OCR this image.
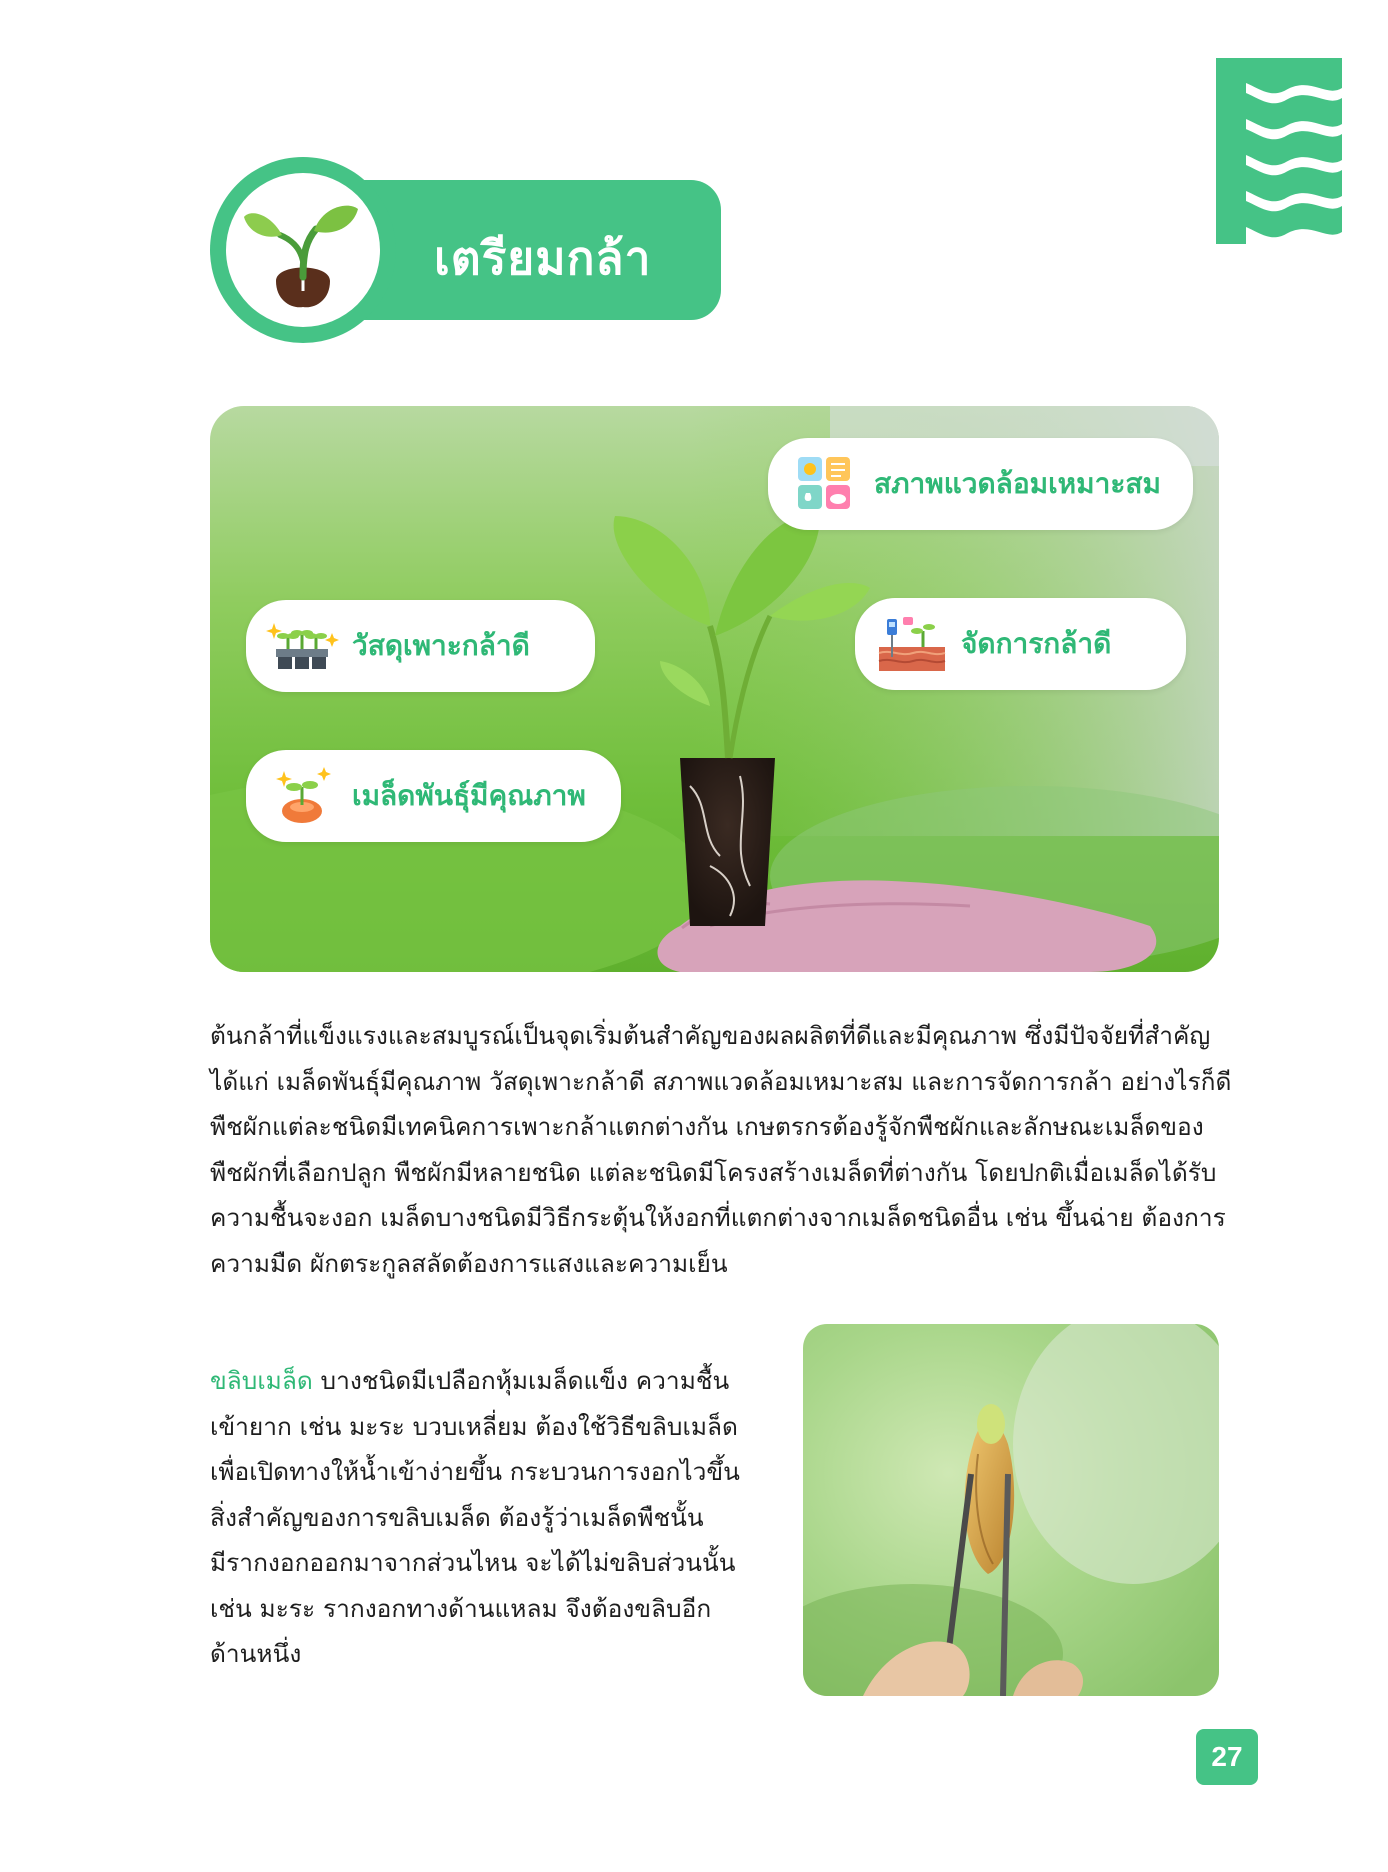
เตรียมกล้า
สภาพแวดล้อมเหมาะสม
วัสดุเพาะกล้าดี	จัดการกล้าดี
เมล็ดพันธุ์มีคุณภาพ

ต้นกล้าที่แข็งแรงและสมบูรณ์เป็นจุดเริ่มต้นสำคัญของผลผลิตที่ดีและมีคุณภาพ ซึ่งมีปัจจัยที่สำคัญ
ได้แก่ เมล็ดพันธุ์มีคุณภาพ วัสดุเพาะกล้าดี สภาพแวดล้อมเหมาะสม และการจัดการกล้า อย่างไรก็ดี
พืชผักแต่ละชนิดมีเทคนิคการเพาะกล้าแตกต่างกัน เกษตรกรต้องรู้จักพืชผักและลักษณะเมล็ดของ
พืชผักที่เลือกปลูก พืชผักมีหลายชนิด แต่ละชนิดมีโครงสร้างเมล็ดที่ต่างกัน โดยปกติเมื่อเมล็ดได้รับ
ความชื้นจะงอก เมล็ดบางชนิดมีวิธีกระตุ้นให้งอกที่แตกต่างจากเมล็ดชนิดอื่น เช่น ขึ้นฉ่าย ต้องการ
ความมืด ผักตระกูลสลัดต้องการแสงและความเย็น

ขลิบเมล็ด บางชนิดมีเปลือกหุ้มเมล็ดแข็ง ความชื้น
เข้ายาก เช่น มะระ บวบเหลี่ยม ต้องใช้วิธีขลิบเมล็ด
เพื่อเปิดทางให้น้ำเข้าง่ายขึ้น กระบวนการงอกไวขึ้น
สิ่งสำคัญของการขลิบเมล็ด ต้องรู้ว่าเมล็ดพืชนั้น
มีรากงอกออกมาจากส่วนไหน จะได้ไม่ขลิบส่วนนั้น
เช่น มะระ รากงอกทางด้านแหลม จึงต้องขลิบอีก
ด้านหนึ่ง

27
